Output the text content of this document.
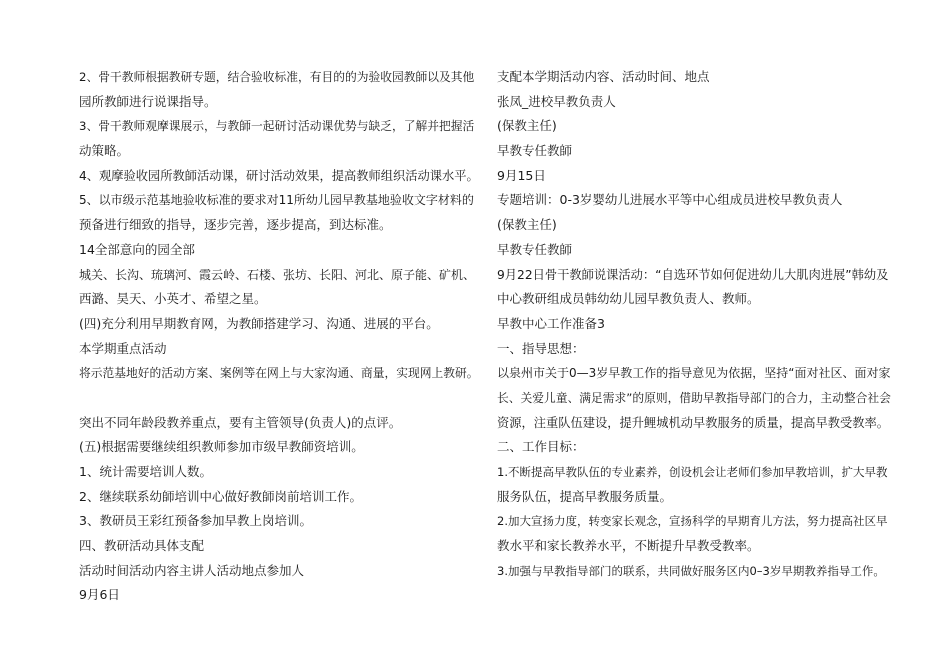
2、骨干教师根据教研专题，结合验收标准，有目的的为验收园教師以及其他
园所教師进行说课指导。
3、骨干教师观摩课展示，与教師一起研讨活动课优势与缺乏，了解并把握活
动策略。
4、观摩验收园所教師活动课，研讨活动效果，提高教师组织活动课水平。
5、以市级示范基地验收标准的要求对11所幼儿园早教基地验收文字材料的
预备进行细致的指导，逐步完善，逐步提高，到达标准。
14全部意向的园全部
城关、长沟、琉璃河、霞云岭、石楼、张坊、长阳、河北、原子能、矿机、
西潞、昊天、小英才、希望之星。
(四)充分利用早期教育网，为教師搭建学习、沟通、进展的平台。
本学期重点活动
将示范基地好的活动方案、案例等在网上与大家沟通、商量，实现网上教研。
突出不同年龄段教养重点，要有主管领导(负责人)的点评。
(五)根据需要继续组织教师参加市级早教師资培训。
1、统计需要培训人数。
2、继续联系幼師培训中心做好教師岗前培训工作。
3、教研员王彩红预备参加早教上岗培训。
四、教研活动具体支配
活动时间活动内容主讲人活动地点参加人
9月6日
支配本学期活动内容、活动时间、地点
张凤_进校早教负责人
(保教主任)
早教专任教師
9月15日
专题培训：0-3岁婴幼儿进展水平等中心组成员进校早教负责人
(保教主任)
早教专任教師
9月22日骨干教師说课活动：“自选环节如何促进幼儿大肌肉进展”韩幼及
中心教研组成员韩幼幼儿园早教负责人、教师。
早教中心工作准备3
一、指导思想：
以泉州市关于0—3岁早教工作的指导意见为依据，坚持“面对社区、面对家
长、关爱儿童、满足需求”的原则，借助早教指导部门的合力，主动整合社会
资源，注重队伍建设，提升鲤城机动早教服务的质量，提高早教受教率。
二、工作目标：
1.不断提高早教队伍的专业素养，创设机会让老师们参加早教培训，扩大早教
服务队伍，提高早教服务质量。
2.加大宣扬力度，转变家长观念，宣扬科学的早期育儿方法，努力提高社区早
教水平和家长教养水平，不断提升早教受教率。
3.加强与早教指导部门的联系，共同做好服务区内0–3岁早期教养指导工作。
